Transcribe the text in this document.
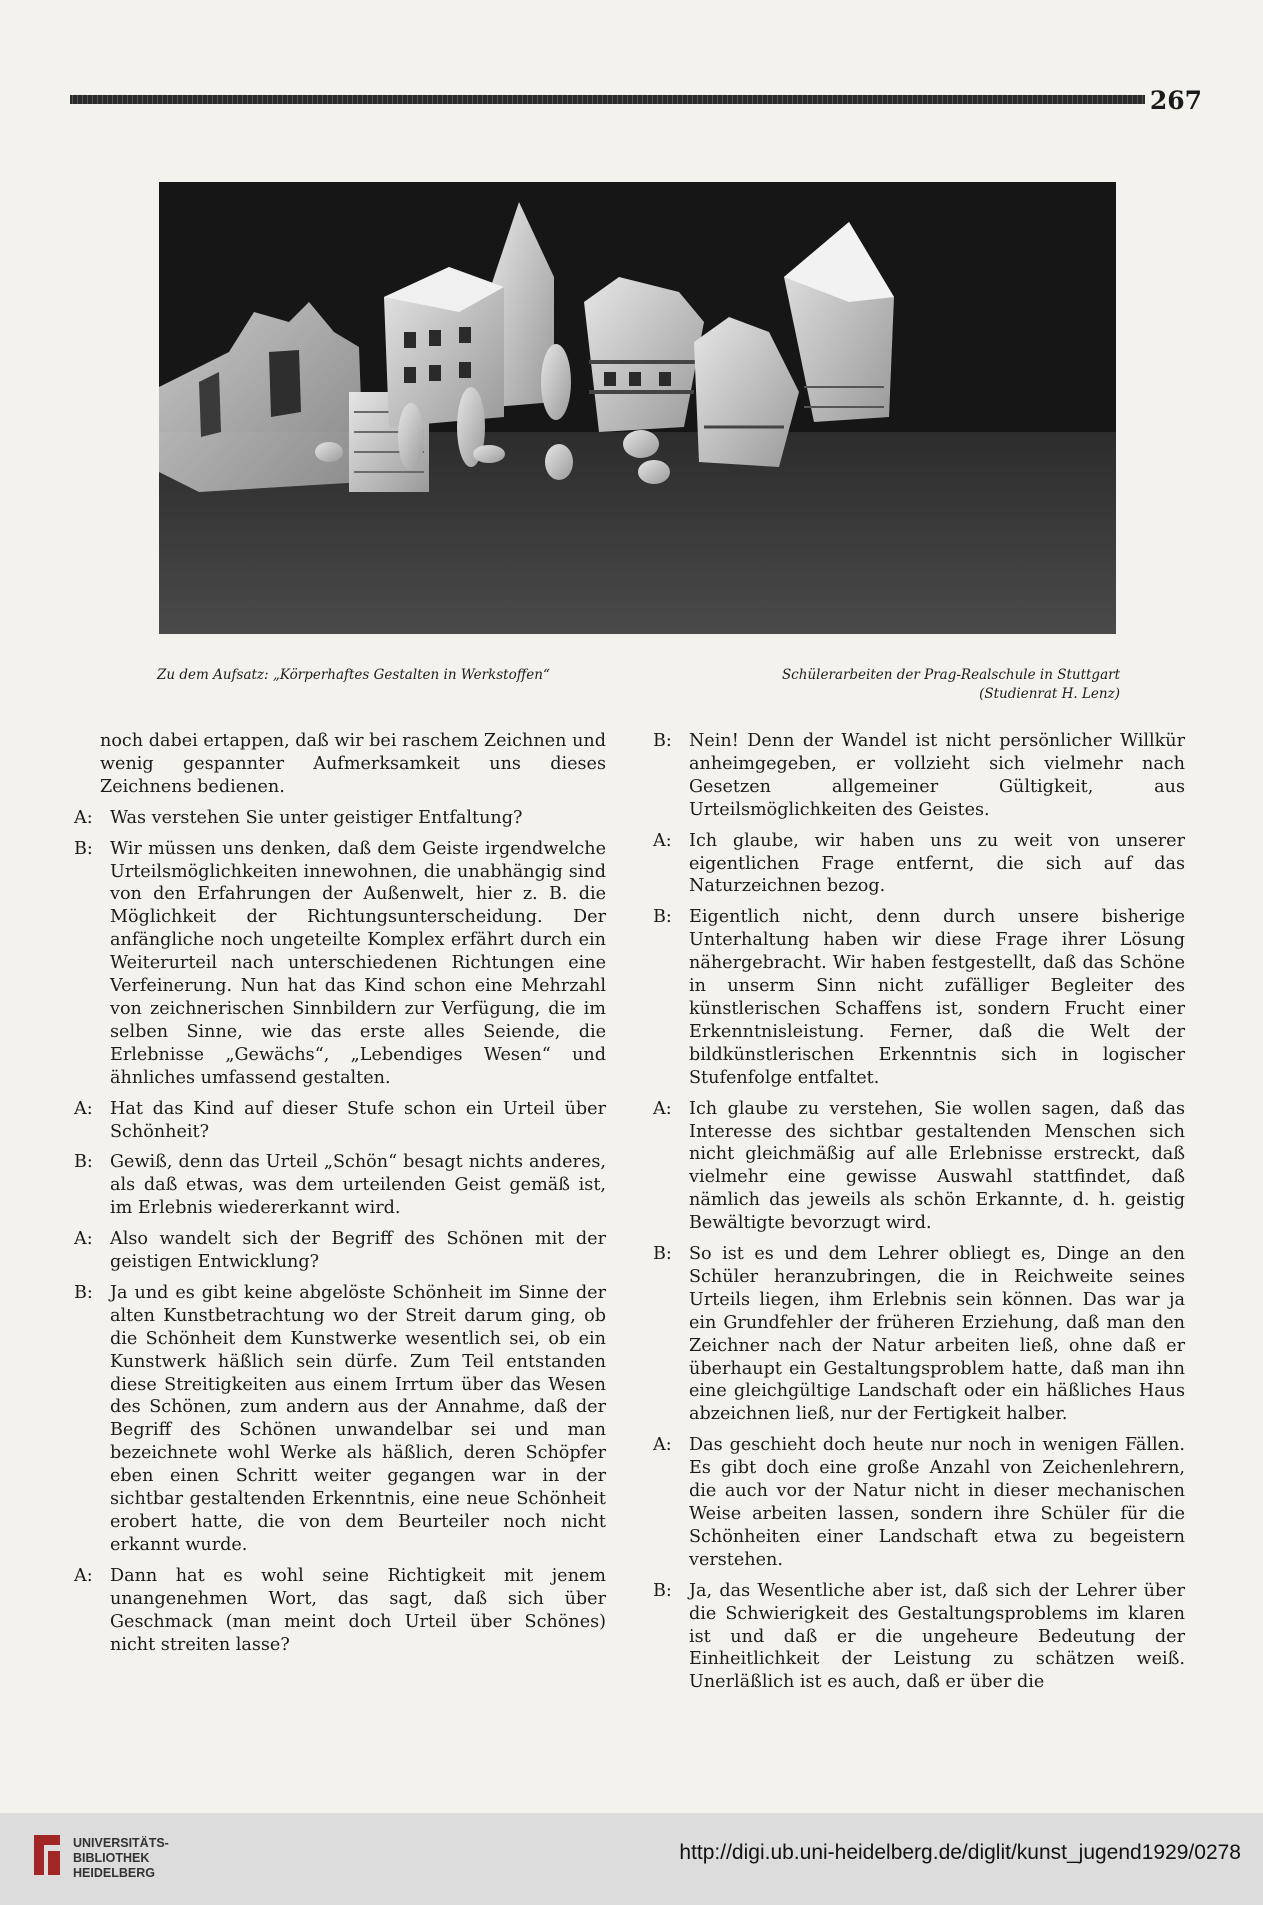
267
Zu dem Aufsatz: „Körperhaftes Gestalten in Werkstoffen“	Schülerarbeiten der Prag-Realschule in Stuttgart
(Studienrat H. Lenz)

noch dabei ertappen, daß wir bei raschem Zeichnen und wenig gespannter Aufmerksamkeit uns dieses Zeichnens bedienen.

A: Was verstehen Sie unter geistiger Entfaltung?

B: Wir müssen uns denken, daß dem Geiste irgendwelche Urteilsmöglichkeiten innewohnen, die unabhängig sind von den Erfahrungen der Außenwelt, hier z. B. die Möglichkeit der Richtungsunterscheidung. Der anfängliche noch ungeteilte Komplex erfährt durch ein Weiterurteil nach unterschiedenen Richtungen eine Verfeinerung. Nun hat das Kind schon eine Mehrzahl von zeichnerischen Sinnbildern zur Verfügung, die im selben Sinne, wie das erste alles Seiende, die Erlebnisse „Gewächs“, „Lebendiges Wesen“ und ähnliches umfassend gestalten.

A: Hat das Kind auf dieser Stufe schon ein Urteil über Schönheit?

B: Gewiß, denn das Urteil „Schön“ besagt nichts anderes, als daß etwas, was dem urteilenden Geist gemäß ist, im Erlebnis wiedererkannt wird.

A: Also wandelt sich der Begriff des Schönen mit der geistigen Entwicklung?

B: Ja und es gibt keine abgelöste Schönheit im Sinne der alten Kunstbetrachtung wo der Streit darum ging, ob die Schönheit dem Kunstwerke wesentlich sei, ob ein Kunstwerk häßlich sein dürfe. Zum Teil entstanden diese Streitigkeiten aus einem Irrtum über das Wesen des Schönen, zum andern aus der Annahme, daß der Begriff des Schönen unwandelbar sei und man bezeichnete wohl Werke als häßlich, deren Schöpfer eben einen Schritt weiter gegangen war in der sichtbar gestaltenden Erkenntnis, eine neue Schönheit erobert hatte, die von dem Beurteiler noch nicht erkannt wurde.

A: Dann hat es wohl seine Richtigkeit mit jenem unangenehmen Wort, das sagt, daß sich über Geschmack (man meint doch Urteil über Schönes) nicht streiten lasse?

B: Nein! Denn der Wandel ist nicht persönlicher Willkür anheimgegeben, er vollzieht sich vielmehr nach Gesetzen allgemeiner Gültigkeit, aus Urteilsmöglichkeiten des Geistes.

A: Ich glaube, wir haben uns zu weit von unserer eigentlichen Frage entfernt, die sich auf das Naturzeichnen bezog.

B: Eigentlich nicht, denn durch unsere bisherige Unterhaltung haben wir diese Frage ihrer Lösung nähergebracht. Wir haben festgestellt, daß das Schöne in unserm Sinn nicht zufälliger Begleiter des künstlerischen Schaffens ist, sondern Frucht einer Erkenntnisleistung. Ferner, daß die Welt der bildkünstlerischen Erkenntnis sich in logischer Stufenfolge entfaltet.

A: Ich glaube zu verstehen, Sie wollen sagen, daß das Interesse des sichtbar gestaltenden Menschen sich nicht gleichmäßig auf alle Erlebnisse erstreckt, daß vielmehr eine gewisse Auswahl stattfindet, daß nämlich das jeweils als schön Erkannte, d. h. geistig Bewältigte bevorzugt wird.

B: So ist es und dem Lehrer obliegt es, Dinge an den Schüler heranzubringen, die in Reichweite seines Urteils liegen, ihm Erlebnis sein können. Das war ja ein Grundfehler der früheren Erziehung, daß man den Zeichner nach der Natur arbeiten ließ, ohne daß er überhaupt ein Gestaltungsproblem hatte, daß man ihn eine gleichgültige Landschaft oder ein häßliches Haus abzeichnen ließ, nur der Fertigkeit halber.

A: Das geschieht doch heute nur noch in wenigen Fällen. Es gibt doch eine große Anzahl von Zeichenlehrern, die auch vor der Natur nicht in dieser mechanischen Weise arbeiten lassen, sondern ihre Schüler für die Schönheiten einer Landschaft etwa zu begeistern verstehen.

B: Ja, das Wesentliche aber ist, daß sich der Lehrer über die Schwierigkeit des Gestaltungsproblems im klaren ist und daß er die ungeheure Bedeutung der Einheitlichkeit der Leistung zu schätzen weiß. Unerläßlich ist es auch, daß er über die

UNIVERSITÄTS-
BIBLIOTHEK
HEIDELBERG
http://digi.ub.uni-heidelberg.de/diglit/kunst_jugend1929/0278
